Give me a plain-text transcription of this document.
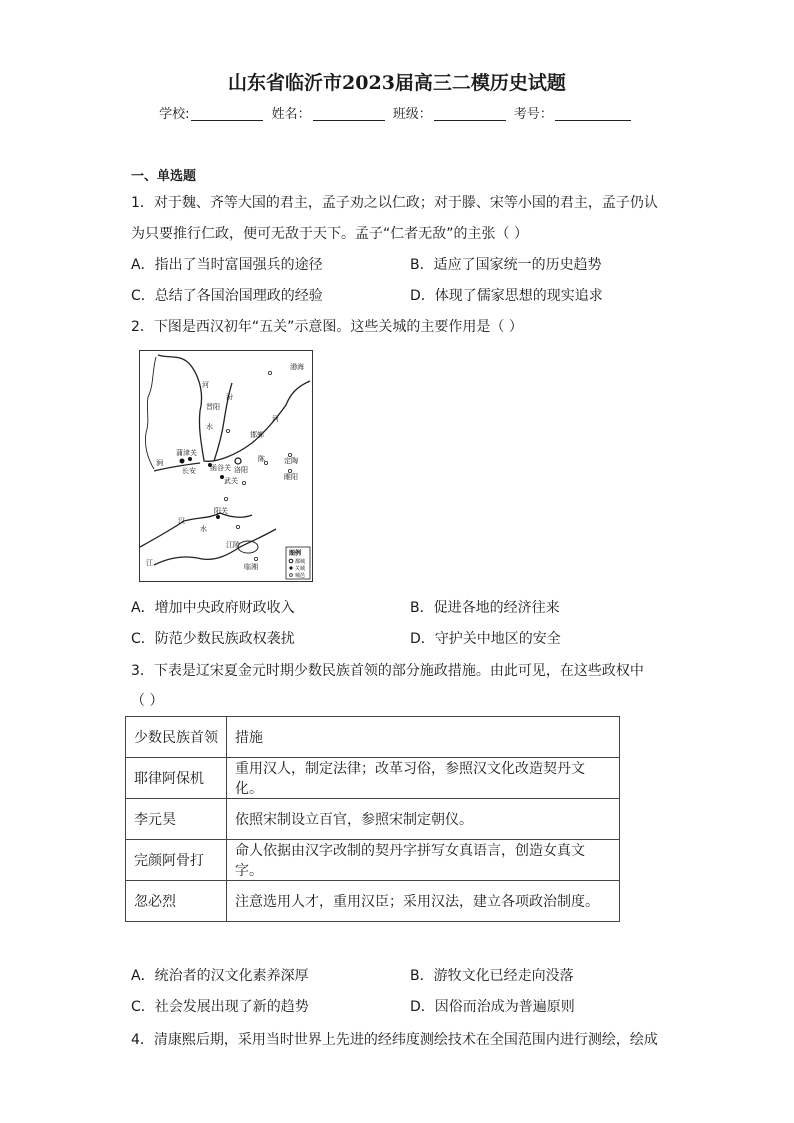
山东省临沂市2023届高三二模历史试题
学校:	姓名：	班级：	考号：
一、单选题
1．对于魏、齐等大国的君主，孟子劝之以仁政；对于滕、宋等小国的君主，孟子仍认
为只要推行仁政，便可无敌于天下。孟子“仁者无敌”的主张（ ）
A．指出了当时富国强兵的途径	B．适应了国家统一的历史趋势
C．总结了各国治国理政的经验	D．体现了儒家思想的现实追求
2．下图是西汉初年“五关”示意图。这些关城的主要作用是（ ）
河
渤海
汾
水
晋阳
邯郸
河
涧
蒲津关
函谷关 洛阳
陈	定陶
长安
武关	睢阳
阳关
汉
水
江
江陵
临湘
图例
都城
关城
城邑
A．增加中央政府财政收入	B．促进各地的经济往来
C．防范少数民族政权袭扰	D．守护关中地区的安全
3．下表是辽宋夏金元时期少数民族首领的部分施政措施。由此可见，在这些政权中
（ ）
少数民族首领	措施
耶律阿保机	重用汉人，制定法律；改革习俗，参照汉文化改造契丹文化。
李元昊	依照宋制设立百官，参照宋制定朝仪。
完颜阿骨打	命人依据由汉字改制的契丹字拼写女真语言，创造女真文字。
忽必烈	注意选用人才，重用汉臣；采用汉法，建立各项政治制度。
A．统治者的汉文化素养深厚	B．游牧文化已经走向没落
C．社会发展出现了新的趋势	D．因俗而治成为普遍原则
4．清康熙后期，采用当时世界上先进的经纬度测绘技术在全国范围内进行测绘，绘成
